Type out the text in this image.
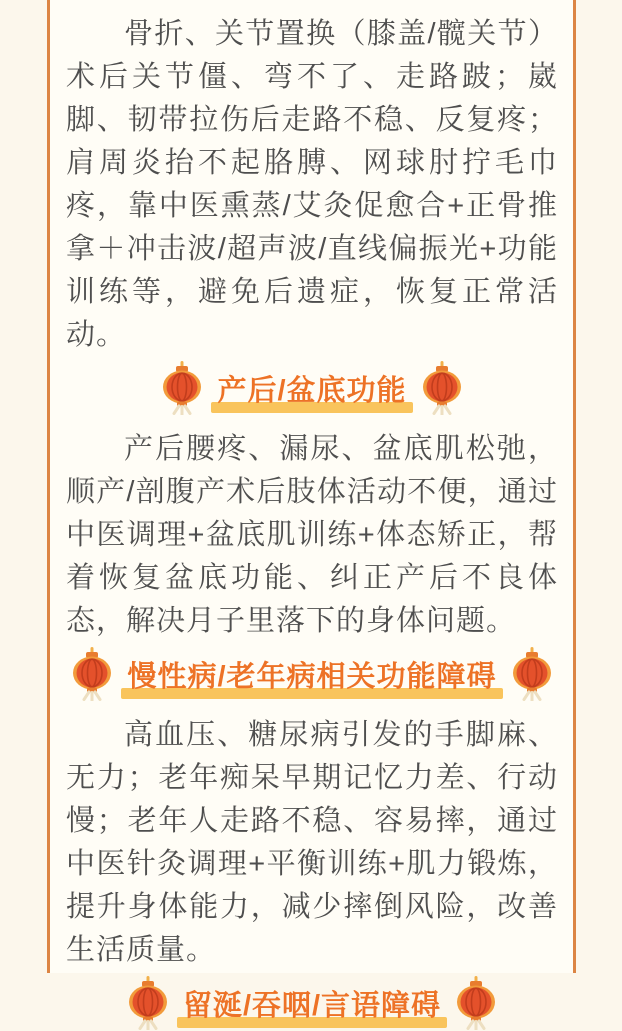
骨折、关节置换（膝盖/髋关节）术后关节僵、弯不了、走路跛；崴脚、韧带拉伤后走路不稳、反复疼；肩周炎抬不起胳膊、网球肘拧毛巾疼，靠中医熏蒸/艾灸促愈合+正骨推拿＋冲击波/超声波/直线偏振光+功能训练等，避免后遗症，恢复正常活动。

产后/盆底功能

产后腰疼、漏尿、盆底肌松弛，顺产/剖腹产术后肢体活动不便，通过中医调理+盆底肌训练+体态矫正，帮着恢复盆底功能、纠正产后不良体态，解决月子里落下的身体问题。

慢性病/老年病相关功能障碍

高血压、糖尿病引发的手脚麻、无力；老年痴呆早期记忆力差、行动慢；老年人走路不稳、容易摔，通过中医针灸调理+平衡训练+肌力锻炼，提升身体能力，减少摔倒风险，改善生活质量。

留涎/吞咽/言语障碍
